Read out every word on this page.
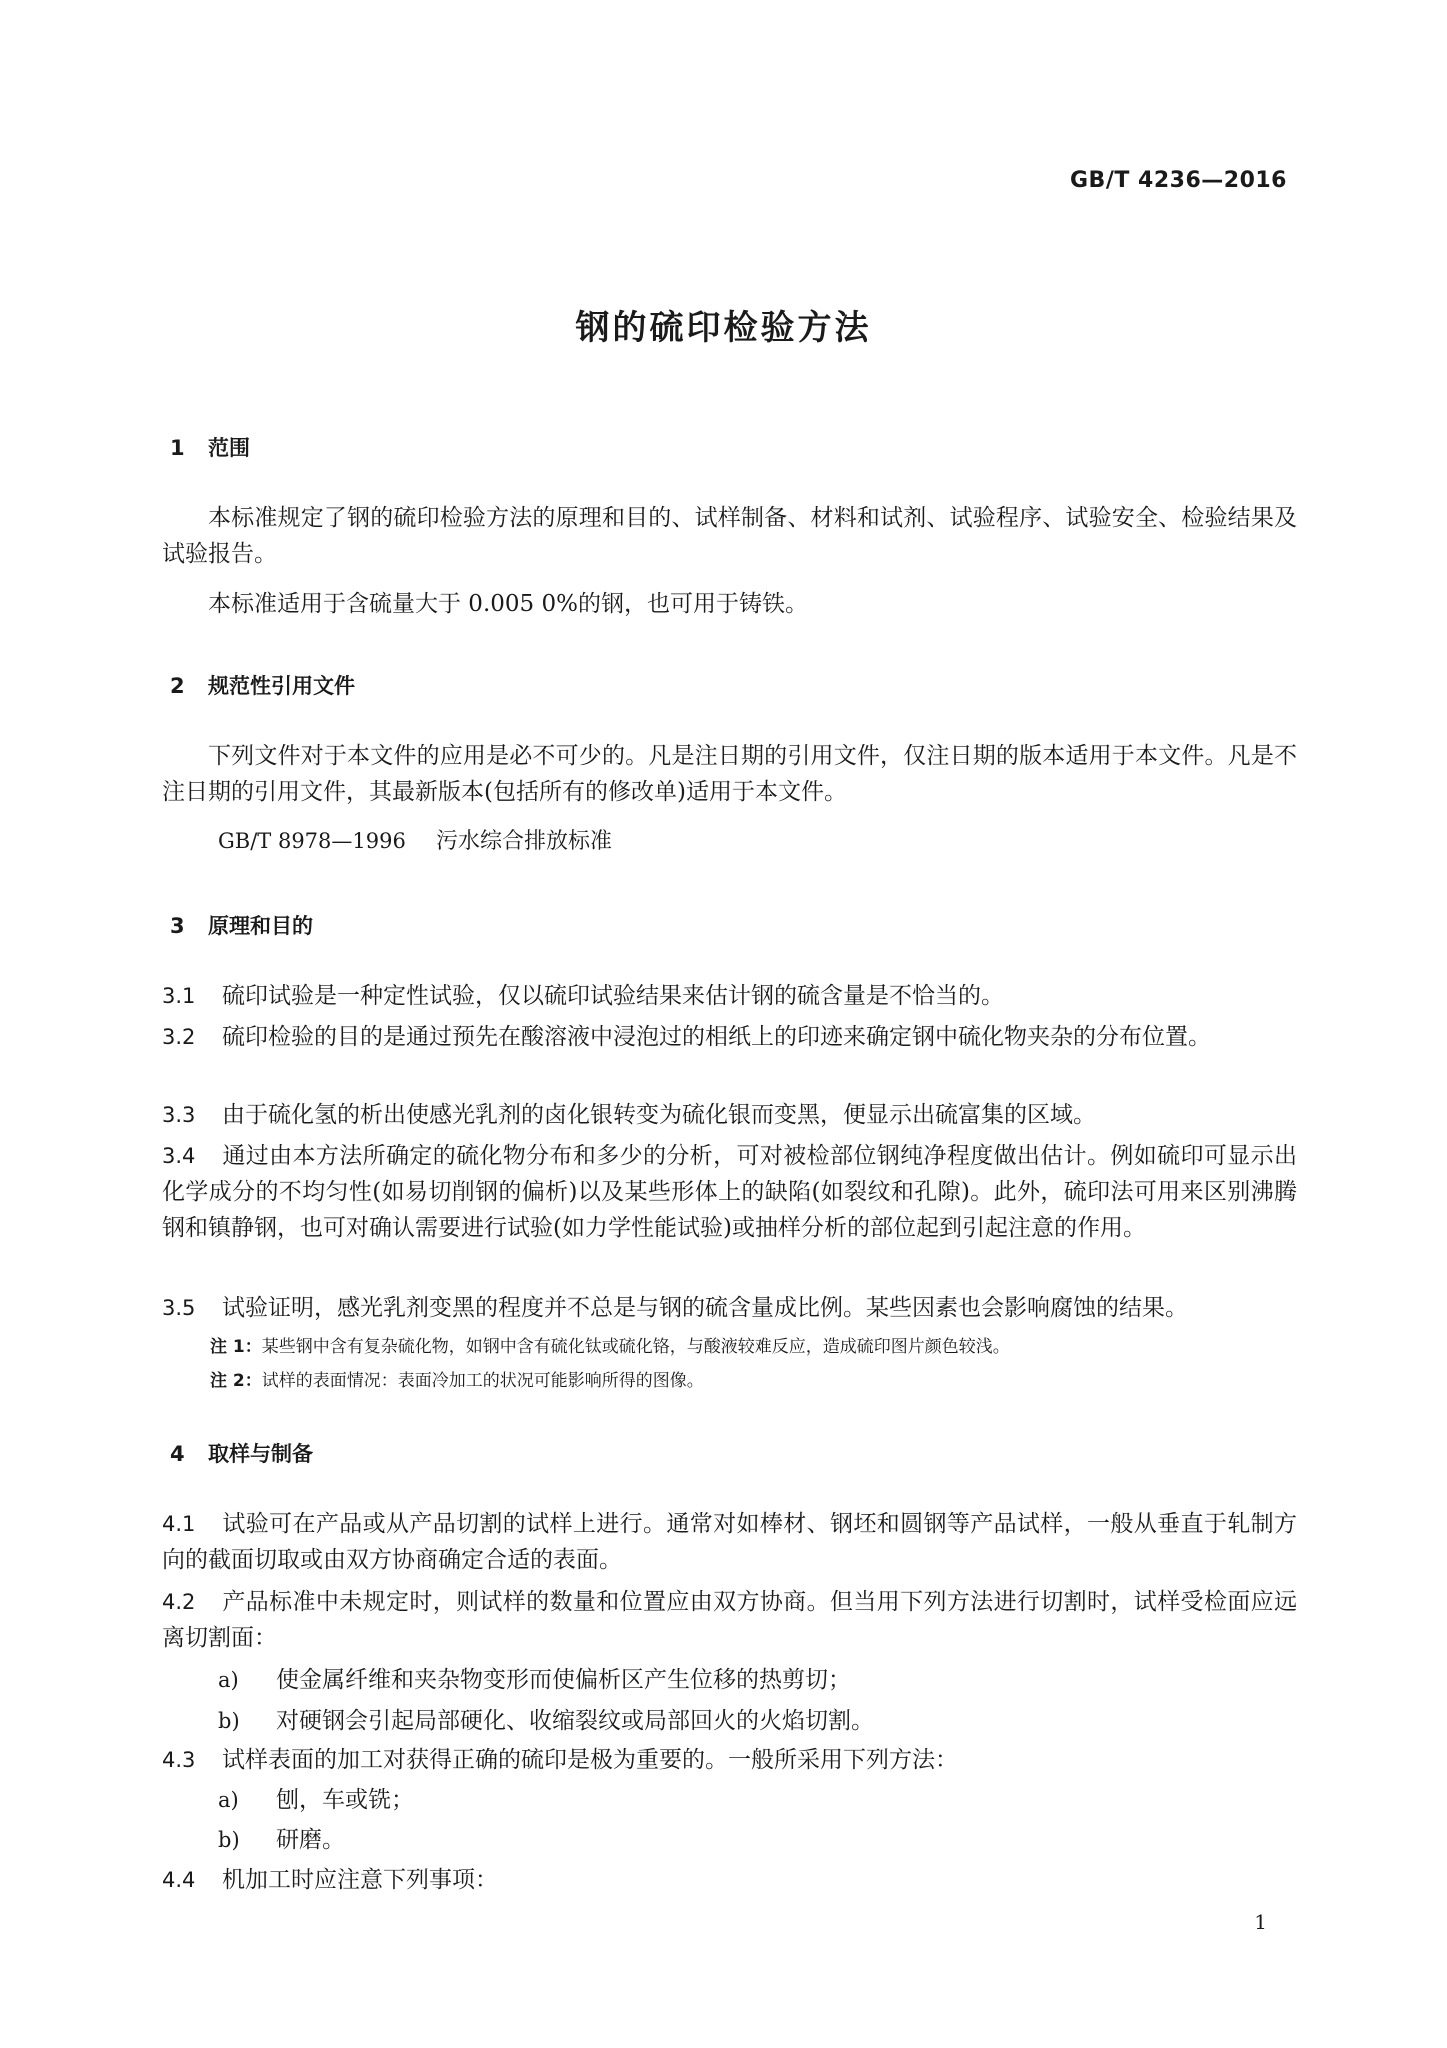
GB/T 4236—2016
钢的硫印检验方法
1 范围
本标准规定了钢的硫印检验方法的原理和目的、试样制备、材料和试剂、试验程序、试验安全、检验结果及试验报告。
本标准适用于含硫量大于 0.005 0%的钢，也可用于铸铁。
2 规范性引用文件
下列文件对于本文件的应用是必不可少的。凡是注日期的引用文件，仅注日期的版本适用于本文件。凡是不注日期的引用文件，其最新版本(包括所有的修改单)适用于本文件。
GB/T 8978—1996 污水综合排放标准
3 原理和目的
3.1 硫印试验是一种定性试验，仅以硫印试验结果来估计钢的硫含量是不恰当的。
3.2 硫印检验的目的是通过预先在酸溶液中浸泡过的相纸上的印迹来确定钢中硫化物夹杂的分布位置。
3.3 由于硫化氢的析出使感光乳剂的卤化银转变为硫化银而变黑，便显示出硫富集的区域。
3.4 通过由本方法所确定的硫化物分布和多少的分析，可对被检部位钢纯净程度做出估计。例如硫印可显示出化学成分的不均匀性(如易切削钢的偏析)以及某些形体上的缺陷(如裂纹和孔隙)。此外，硫印法可用来区别沸腾钢和镇静钢，也可对确认需要进行试验(如力学性能试验)或抽样分析的部位起到引起注意的作用。
3.5 试验证明，感光乳剂变黑的程度并不总是与钢的硫含量成比例。某些因素也会影响腐蚀的结果。
注 1：某些钢中含有复杂硫化物，如钢中含有硫化钛或硫化铬，与酸液较难反应，造成硫印图片颜色较浅。
注 2：试样的表面情况：表面冷加工的状况可能影响所得的图像。
4 取样与制备
4.1 试验可在产品或从产品切割的试样上进行。通常对如棒材、钢坯和圆钢等产品试样，一般从垂直于轧制方向的截面切取或由双方协商确定合适的表面。
4.2 产品标准中未规定时，则试样的数量和位置应由双方协商。但当用下列方法进行切割时，试样受检面应远离切割面：
a) 使金属纤维和夹杂物变形而使偏析区产生位移的热剪切；
b) 对硬钢会引起局部硬化、收缩裂纹或局部回火的火焰切割。
4.3 试样表面的加工对获得正确的硫印是极为重要的。一般所采用下列方法：
a) 刨，车或铣；
b) 研磨。
4.4 机加工时应注意下列事项：
1
